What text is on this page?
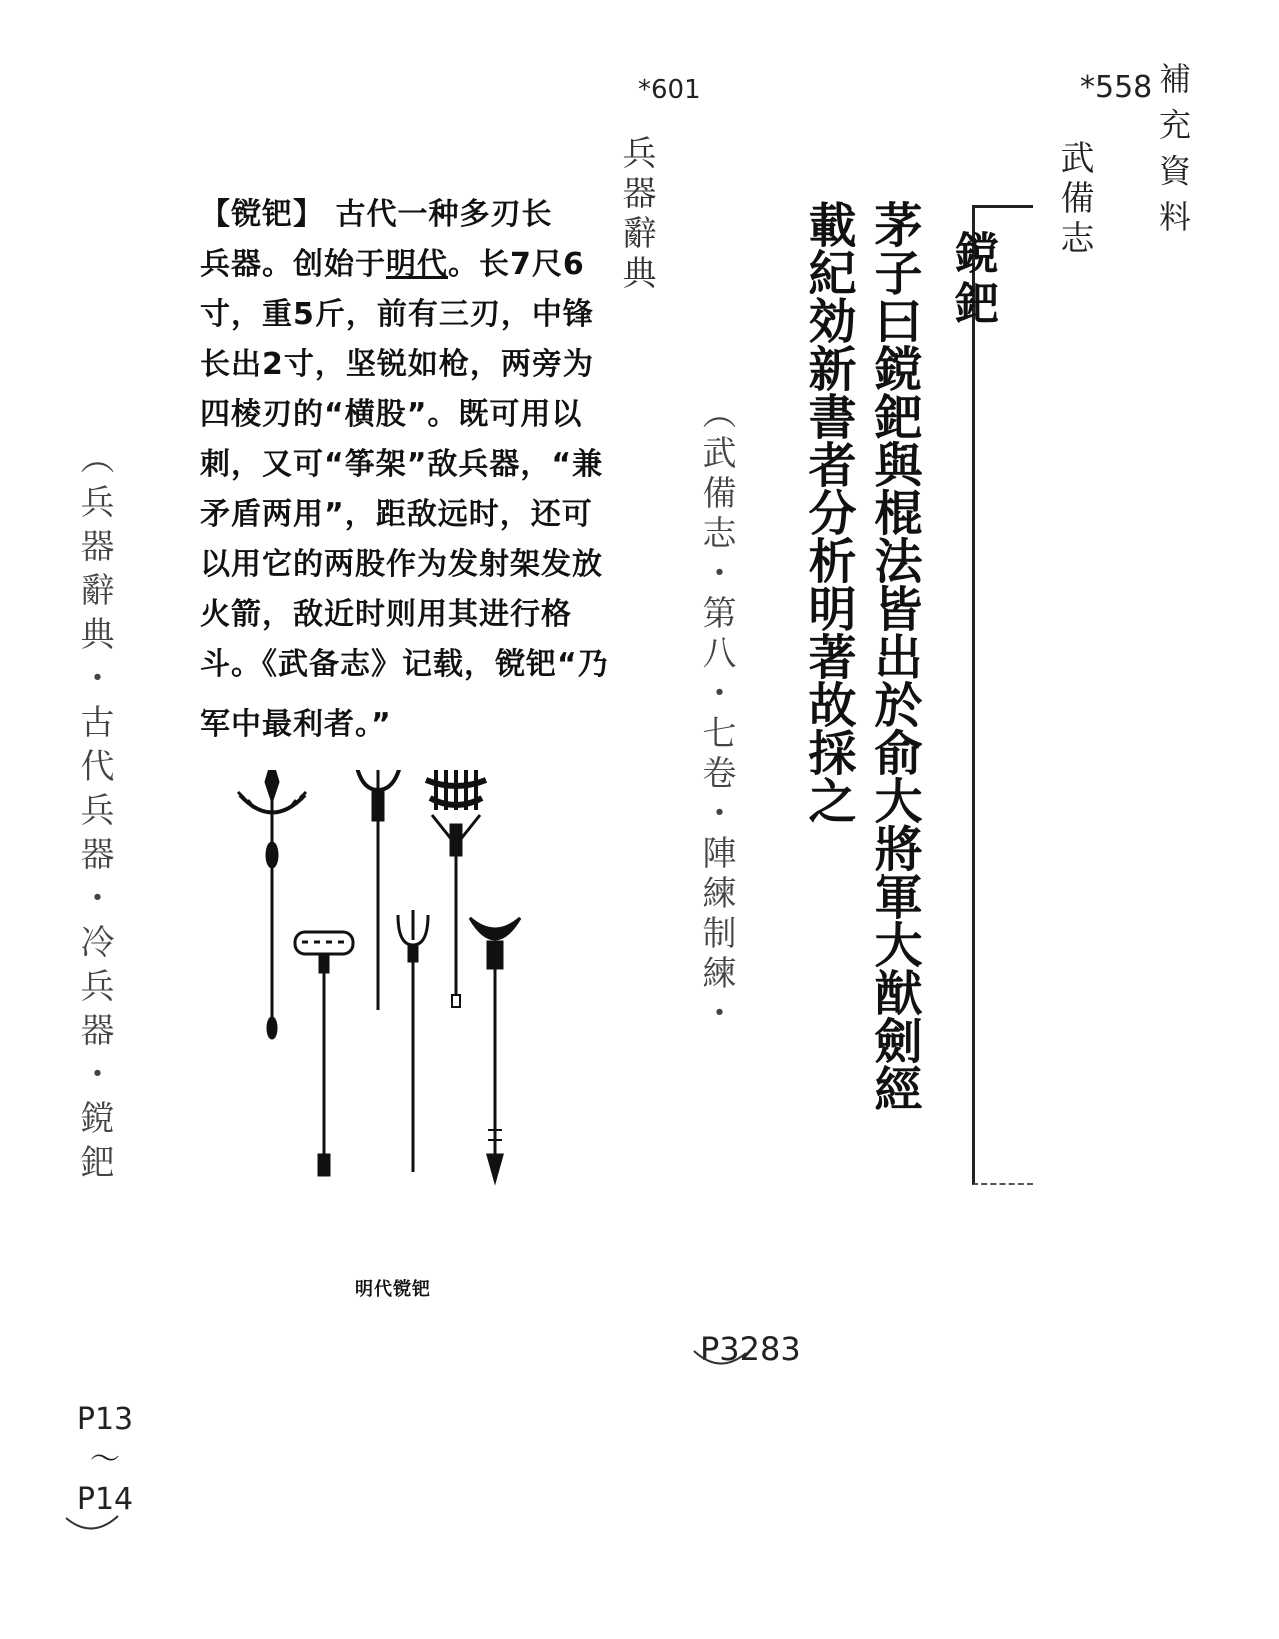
補充資料
*558
武備志
鎲鈀
茅子曰鎲鈀與棍法皆出於俞大將軍大猷劍經
載紀効新書者分析明著故採之
（武備志・第八・七卷・陣練制練・
P3283
*601
兵器辭典
【镋钯】 古代一种多刃长
兵器。创始于明代。长7尺6
寸，重5斤，前有三刃，中锋
长出2寸，坚锐如枪，两旁为
四棱刃的“横股”。既可用以
刺，又可“筝架”敌兵器，“兼
矛盾两用”，距敌远时，还可
以用它的两股作为发射架发放
火箭，敌近时则用其进行格
斗。《武备志》记载，镋钯“乃
军中最利者。”
明代镋钯
（兵器辭典・古代兵器・冷兵器・鎲鈀
P13
～
P14
